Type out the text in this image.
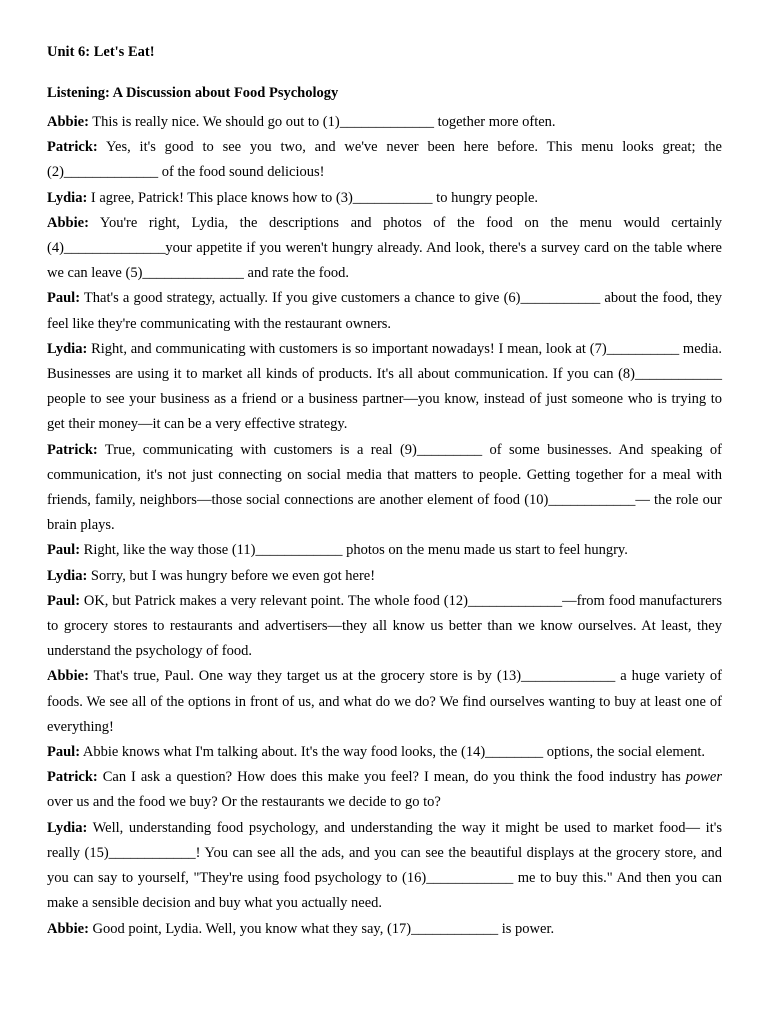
Unit 6: Let's Eat!

Listening: A Discussion about Food Psychology

Abbie: This is really nice. We should go out to (1)_____________ together more often.

Patrick: Yes, it's good to see you two, and we've never been here before. This menu looks great; the (2)_____________ of the food sound delicious!

Lydia: I agree, Patrick! This place knows how to (3)___________ to hungry people.

Abbie: You're right, Lydia, the descriptions and photos of the food on the menu would certainly (4)______________your appetite if you weren't hungry already. And look, there's a survey card on the table where we can leave (5)______________ and rate the food.

Paul: That's a good strategy, actually. If you give customers a chance to give (6)___________ about the food, they feel like they're communicating with the restaurant owners.

Lydia: Right, and communicating with customers is so important nowadays! I mean, look at (7)__________ media. Businesses are using it to market all kinds of products. It's all about communication. If you can (8)____________ people to see your business as a friend or a business partner—you know, instead of just someone who is trying to get their money—it can be a very effective strategy.

Patrick: True, communicating with customers is a real (9)_________ of some businesses. And speaking of communication, it's not just connecting on social media that matters to people. Getting together for a meal with friends, family, neighbors—those social connections are another element of food (10)____________— the role our brain plays.

Paul: Right, like the way those (11)____________ photos on the menu made us start to feel hungry.

Lydia: Sorry, but I was hungry before we even got here!

Paul: OK, but Patrick makes a very relevant point. The whole food (12)_____________—from food manufacturers to grocery stores to restaurants and advertisers—they all know us better than we know ourselves. At least, they understand the psychology of food.

Abbie: That's true, Paul. One way they target us at the grocery store is by (13)_____________ a huge variety of foods. We see all of the options in front of us, and what do we do? We find ourselves wanting to buy at least one of everything!

Paul: Abbie knows what I'm talking about. It's the way food looks, the (14)________ options, the social element.

Patrick: Can I ask a question? How does this make you feel? I mean, do you think the food industry has power over us and the food we buy? Or the restaurants we decide to go to?

Lydia: Well, understanding food psychology, and understanding the way it might be used to market food— it's really (15)____________! You can see all the ads, and you can see the beautiful displays at the grocery store, and you can say to yourself, "They're using food psychology to (16)____________ me to buy this." And then you can make a sensible decision and buy what you actually need.

Abbie: Good point, Lydia. Well, you know what they say, (17)____________ is power.
